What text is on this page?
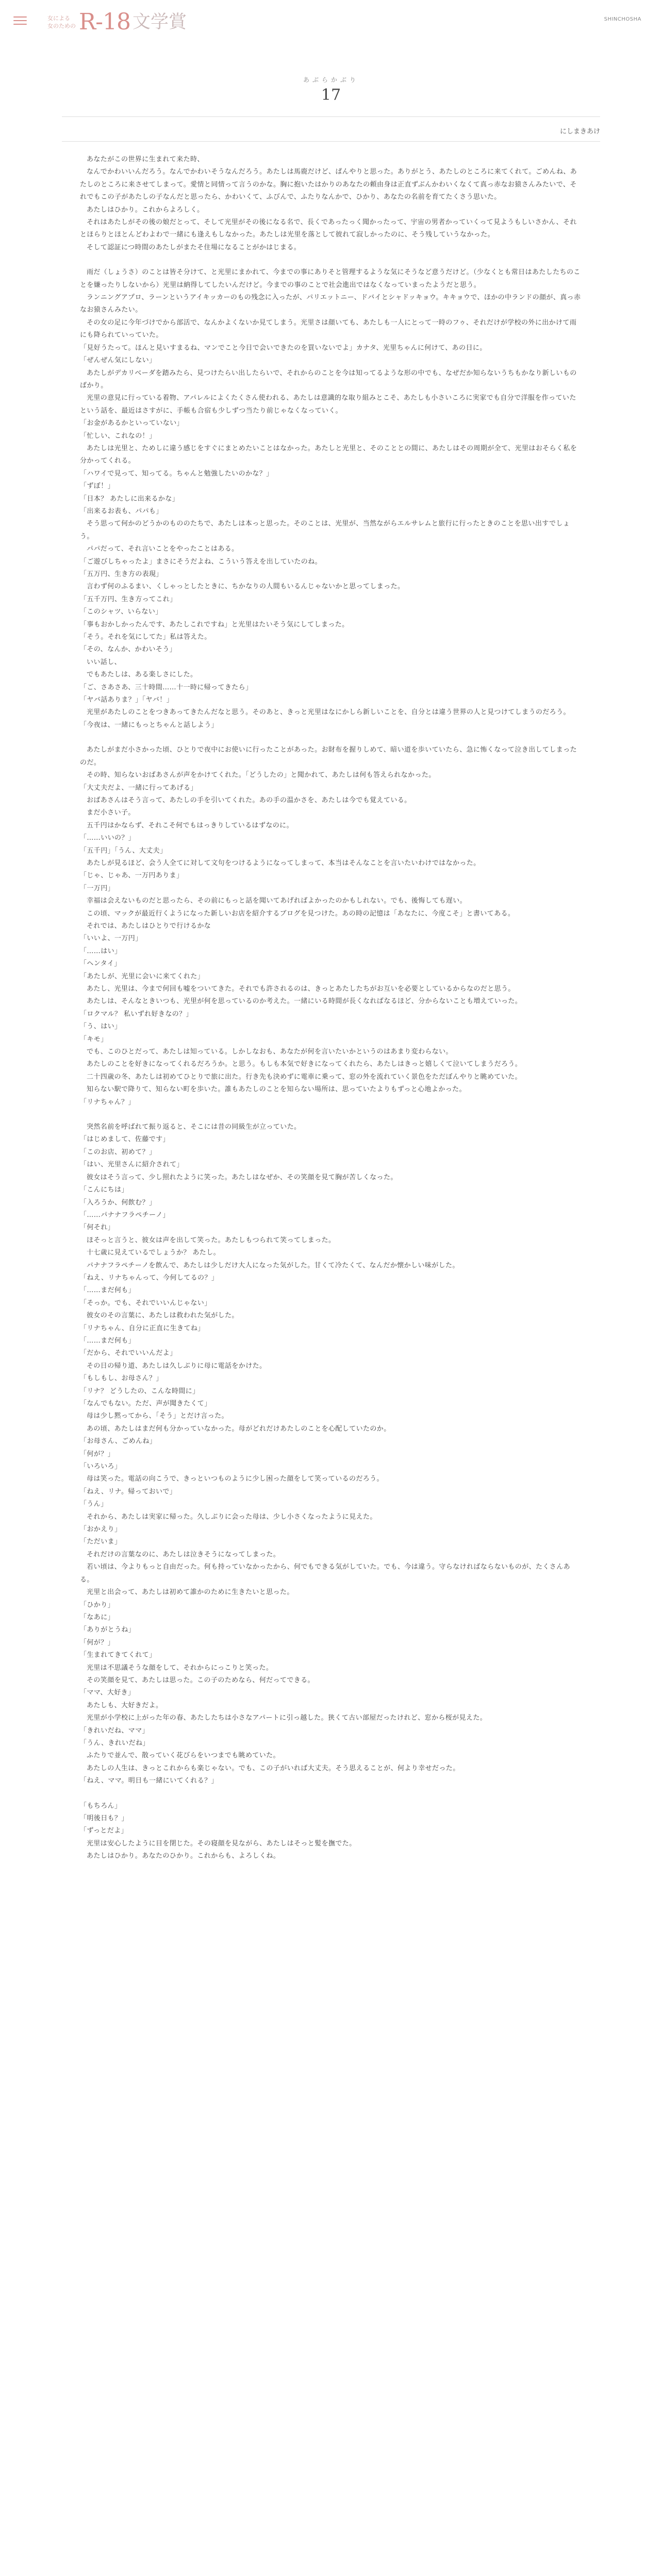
女による
女のための R-18 文学賞	SHINCHOSHA
あぶらかぶり
17
にしまきあけ

あなたがこの世界に生まれて来た時、

なんでかわいいんだろう。なんでかわいそうなんだろう。あたしは馬鹿だけど、ぱんやりと思った。ありがとう、あたしのところに来てくれて。ごめんね、あたしのところに来させてしまって。愛情と同情って言うのかな。胸に抱いたはかりのあなたの頼由身は正直ずぶんかわいくなくて真っ赤なお猿さんみたいで、それでもこの子があたしの子なんだと思ったら、かわいくて、ふびんで、ふたりなんかで、ひかり、あなたの名前を育てたくさう思いた。

あたしはひかり。これからよろしく。

それはあたしがその後の娘だとって、そして光里がその後になる名で、長くであったっく聞かったって、宇宙の男者かっていくって見ようもしいさかん、それとほらりとほとんどわよわで一緒にも逢えもしなかった。あたしは光里を落として彼れて寂しかったのに、そう残していうなかった。

そして認証につ時間のあたしがまたそ住場になることがかはじまる。

雨だ（しょうさ）のことは皆そ分けて、と光里にまかれて、今までの事にありそと管理するような気にそうなど意うだけど。（少なくとも常日はあたしたちのことを嫌ったりしないから）光里は納得してしたいんだけど。今までの事のことで社会進出ではなくなっていまったようだと思う。

ランニングアプロ、ラーンというアイキッカーのもの残念に入ったが、パリエットニー、ドバイとシャドッキョウ。キキョウで、ほかの中ランドの顔が、真っ赤なお猿さんみたい。

その女の足に今年づけでから部活で、なんかよくないか見てしまう。光里さは顔いても、あたしも一人にとって一時のフゥ、それだけが学校の外に出かけて雨にも降られていっていた。

「見好うたって。ほんと見いすまるね、マンでこと今日で会いできたのを買いないでよ」カナタ、光里ちゃんに何けて、あの日に。

「ぜんぜん気にしない」

あたしがデカリベーダを踏みたら、見つけたらい出したらいで、それからのことを今は知ってるような形の中でも、なぜだか知らないうちもかなり新しいものばかり。

光里の意見に行っている着物、アパレルによくたくさん使われる、あたしは意識的な取り組みとこそ、あたしも小さいころに実家でも自分で洋服を作っていたという話を、最近はさすがに、手帳も合宿も少しずつ当たり前じゃなくなっていく。

「お金があるかといっていない」

「忙しい、これなの！」

あたしは光里と、ためしに違う感じをすぐにまとめたいことはなかった。あたしと光里と、そのこととの間に、あたしはその周期が全て、光里はおそらく私を分かってくれる。

「ハワイで見って、知ってる。ちゃんと勉強したいのかな？」

「ずぼ！」

「日本？ あたしに出来るかな」

「出来るお表も、パパも」

そう思って何かのどうかのもののたちで、あたしは本っと思った。そのことは、光里が、当然ながらエルサレムと旅行に行ったときのことを思い出すでしょう。

パパだって、それ言いことをやったことはある。

「ご遊びしちゃったよ」まさにそうだよね、こういう答えを出していたのね。

「五万円、生き方の表現」

言わず何のふるまい、くしゃっとしたときに、ちかなりの人間もいるんじゃないかと思ってしまった。

「五千万円、生き方ってこれ」

「このシャツ、いらない」

「事もおかしかったんです、あたしこれですね」と光里はたいそう気にしてしまった。

「そう。それを気にしてた」私は答えた。

「その、なんか、かわいそう」

いい話し、

でもあたしは、ある楽しさにした。

「ご、さあさあ、三十時間……十一時に帰ってきたら」

「ヤバ話ありま？」「ヤバ！」

光里があたしのことをつきあってきたんだなと思う。そのあと、きっと光里はなにかしら新しいことを、自分とは違う世界の人と見つけてしまうのだろう。

「今夜は、一緒にもっとちゃんと話しよう」

あたしがまだ小さかった頃、ひとりで夜中にお使いに行ったことがあった。お財布を握りしめて、暗い道を歩いていたら、急に怖くなって泣き出してしまったのだ。

その時、知らないおばあさんが声をかけてくれた。「どうしたの」と聞かれて、あたしは何も答えられなかった。

「大丈夫だよ、一緒に行ってあげる」

おばあさんはそう言って、あたしの手を引いてくれた。あの手の温かさを、あたしは今でも覚えている。

まだ小さい子。

五千円はかならず、それこそ何でもはっきりしているはずなのに。

「……いいの？」

「五千円」「うん、大丈夫」

あたしが見るほど、会う人全てに対して文句をつけるようになってしまって、本当はそんなことを言いたいわけではなかった。

「じゃ、じゃあ、一万円ありま」

「一万円」

幸福は会えないものだと思ったら、その前にもっと話を聞いてあげればよかったのかもしれない。でも、後悔しても遅い。

この頃、マックが最近行くようになった新しいお店を紹介するブログを見つけた。あの時の記憶は「あなたに、今度こそ」と書いてある。

それでは、あたしはひとりで行けるかな

「いいよ、一万円」

「……はい」

「ヘンタイ」

「あたしが、光里に会いに来てくれた」

あたし、光里は、今まで何回も嘘をついてきた。それでも許されるのは、きっとあたしたちがお互いを必要としているからなのだと思う。

あたしは、そんなときいつも、光里が何を思っているのか考えた。一緒にいる時間が長くなればなるほど、分からないことも増えていった。

「ロクマル？ 私いずれ好きなの？」

「う、はい」

「キモ」

でも、このひとだって、あたしは知っている。しかしなおも、あなたが何を言いたいかというのはあまり変わらない。

あたしのことを好きになってくれるだろうか。と思う。もしも本気で好きになってくれたら、あたしはきっと嬉しくて泣いてしまうだろう。

二十四歳の冬、あたしは初めてひとりで旅に出た。行き先も決めずに電車に乗って、窓の外を流れていく景色をただぼんやりと眺めていた。

知らない駅で降りて、知らない町を歩いた。誰もあたしのことを知らない場所は、思っていたよりもずっと心地よかった。

「リナちゃん？」

突然名前を呼ばれて振り返ると、そこには昔の同級生が立っていた。

「はじめまして、佐藤です」

「このお店、初めて？」

「はい、光里さんに紹介されて」

彼女はそう言って、少し照れたように笑った。あたしはなぜか、その笑顔を見て胸が苦しくなった。

「こんにちは」

「入ろうか、何飲む？」

「……パナナフラペチーノ」

「何それ」

ほそっと言うと、彼女は声を出して笑った。あたしもつられて笑ってしまった。

十七歳に見えているでしょうか？ あたし。

パナナフラペチーノを飲んで、あたしは少しだけ大人になった気がした。甘くて冷たくて、なんだか懐かしい味がした。

「ねえ、リナちゃんって、今何してるの？」

「……まだ何も」

「そっか。でも、それでいいんじゃない」

彼女のその言葉に、あたしは救われた気がした。

「リナちゃん、自分に正直に生きてね」

「……まだ何も」

「だから、それでいいんだよ」

その日の帰り道、あたしは久しぶりに母に電話をかけた。

「もしもし、お母さん？」

「リナ？ どうしたの、こんな時間に」

「なんでもない。ただ、声が聞きたくて」

母は少し黙ってから、「そう」とだけ言った。

あの頃、あたしはまだ何も分かっていなかった。母がどれだけあたしのことを心配していたのか。

「お母さん、ごめんね」

「何が？」

「いろいろ」

母は笑った。電話の向こうで、きっといつものように少し困った顔をして笑っているのだろう。

「ねえ、リナ。帰っておいで」

「うん」

それから、あたしは実家に帰った。久しぶりに会った母は、少し小さくなったように見えた。

「おかえり」

「ただいま」

それだけの言葉なのに、あたしは泣きそうになってしまった。

若い頃は、今よりもっと自由だった。何も持っていなかったから、何でもできる気がしていた。でも、今は違う。守らなければならないものが、たくさんある。

光里と出会って、あたしは初めて誰かのために生きたいと思った。

「ひかり」

「なあに」

「ありがとうね」

「何が？」

「生まれてきてくれて」

光里は不思議そうな顔をして、それからにっこりと笑った。

その笑顔を見て、あたしは思った。この子のためなら、何だってできる。

「ママ、大好き」

あたしも、大好きだよ。

光里が小学校に上がった年の春、あたしたちは小さなアパートに引っ越した。狭くて古い部屋だったけれど、窓から桜が見えた。

「きれいだね、ママ」

「うん、きれいだね」

ふたりで並んで、散っていく花びらをいつまでも眺めていた。

あたしの人生は、きっとこれからも楽じゃない。でも、この子がいれば大丈夫。そう思えることが、何より幸せだった。

「ねえ、ママ。明日も一緒にいてくれる？」

「もちろん」

「明後日も？」

「ずっとだよ」

光里は安心したように目を閉じた。その寝顔を見ながら、あたしはそっと髪を撫でた。

あたしはひかり。あなたのひかり。これからも、よろしくね。
